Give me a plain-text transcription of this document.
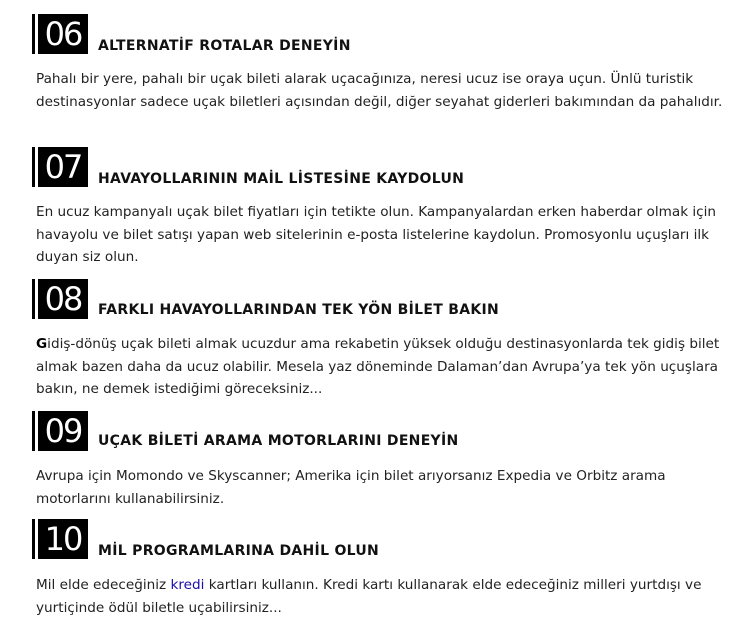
06	ALTERNATİF ROTALAR DENEYİN

Pahalı bir yere, pahalı bir uçak bileti alarak uçacağınıza, neresi ucuz ise oraya uçun. Ünlü turistik destinasyonlar sadece uçak biletleri açısından değil, diğer seyahat giderleri bakımından da pahalıdır.

07	HAVAYOLLARININ MAİL LİSTESİNE KAYDOLUN

En ucuz kampanyalı uçak bilet fiyatları için tetikte olun. Kampanyalardan erken haberdar olmak için havayolu ve bilet satışı yapan web sitelerinin e-posta listelerine kaydolun. Promosyonlu uçuşları ilk duyan siz olun.

08	FARKLI HAVAYOLLARINDAN TEK YÖN BİLET BAKIN

Gidiş-dönüş uçak bileti almak ucuzdur ama rekabetin yüksek olduğu destinasyonlarda tek gidiş bilet almak bazen daha da ucuz olabilir. Mesela yaz döneminde Dalaman’dan Avrupa’ya tek yön uçuşlara bakın, ne demek istediğimi göreceksiniz...

09	UÇAK BİLETİ ARAMA MOTORLARINI DENEYİN

Avrupa için Momondo ve Skyscanner; Amerika için bilet arıyorsanız Expedia ve Orbitz arama motorlarını kullanabilirsiniz.

10	MİL PROGRAMLARINA DAHİL OLUN

Mil elde edeceğiniz kredi kartları kullanın. Kredi kartı kullanarak elde edeceğiniz milleri yurtdışı ve yurtiçinde ödül biletle uçabilirsiniz...
